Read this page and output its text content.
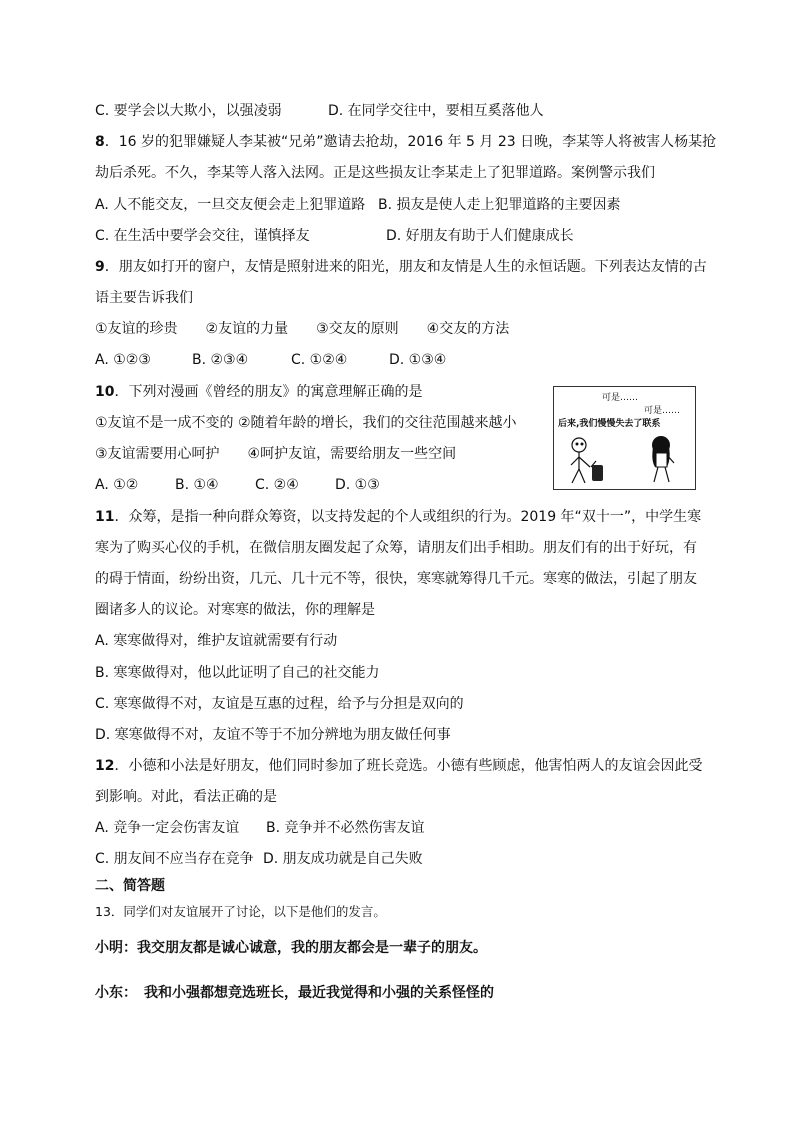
C. 要学会以大欺小，以强凌弱	D. 在同学交往中，要相互奚落他人
8．16 岁的犯罪嫌疑人李某被“兄弟”邀请去抢劫，2016 年 5 月 23 日晚，李某等人将被害人杨某抢
劫后杀死。不久，李某等人落入法网。正是这些损友让李某走上了犯罪道路。案例警示我们
A. 人不能交友，一旦交友便会走上犯罪道路 B. 损友是使人走上犯罪道路的主要因素
C. 在生活中要学会交往，谨慎择友	D. 好朋友有助于人们健康成长
9．朋友如打开的窗户，友情是照射进来的阳光，朋友和友情是人生的永恒话题。下列表达友情的古
语主要告诉我们
①友谊的珍贵　　②友谊的力量　　③交友的原则　　④交友的方法
A. ①②③	B. ②③④	C. ①②④	D. ①③④
10．下列对漫画《曾经的朋友》的寓意理解正确的是
①友谊不是一成不变的 ②随着年龄的增长，我们的交往范围越来越小
③友谊需要用心呵护　　④呵护友谊，需要给朋友一些空间
A. ①②	B. ①④	C. ②④	D. ①③
可是……
可是……
后来,我们慢慢失去了联系
11．众筹，是指一种向群众筹资，以支持发起的个人或组织的行为。2019 年“双十一”，中学生寒
寒为了购买心仪的手机，在微信朋友圈发起了众筹，请朋友们出手相助。朋友们有的出于好玩，有
的碍于情面，纷纷出资，几元、几十元不等，很快，寒寒就筹得几千元。寒寒的做法，引起了朋友
圈诸多人的议论。对寒寒的做法，你的理解是
A. 寒寒做得对，维护友谊就需要有行动
B. 寒寒做得对，他以此证明了自己的社交能力
C. 寒寒做得不对，友谊是互惠的过程，给予与分担是双向的
D. 寒寒做得不对，友谊不等于不加分辨地为朋友做任何事
12．小德和小法是好朋友，他们同时参加了班长竞选。小德有些顾虑，他害怕两人的友谊会因此受
到影响。对此，看法正确的是
A. 竞争一定会伤害友谊 B. 竞争并不必然伤害友谊
C. 朋友间不应当存在竞争 D. 朋友成功就是自己失败
二、简答题
13．同学们对友谊展开了讨论，以下是他们的发言。
小明：我交朋友都是诚心诚意，我的朋友都会是一辈子的朋友。
小东：　我和小强都想竞选班长，最近我觉得和小强的关系怪怪的
